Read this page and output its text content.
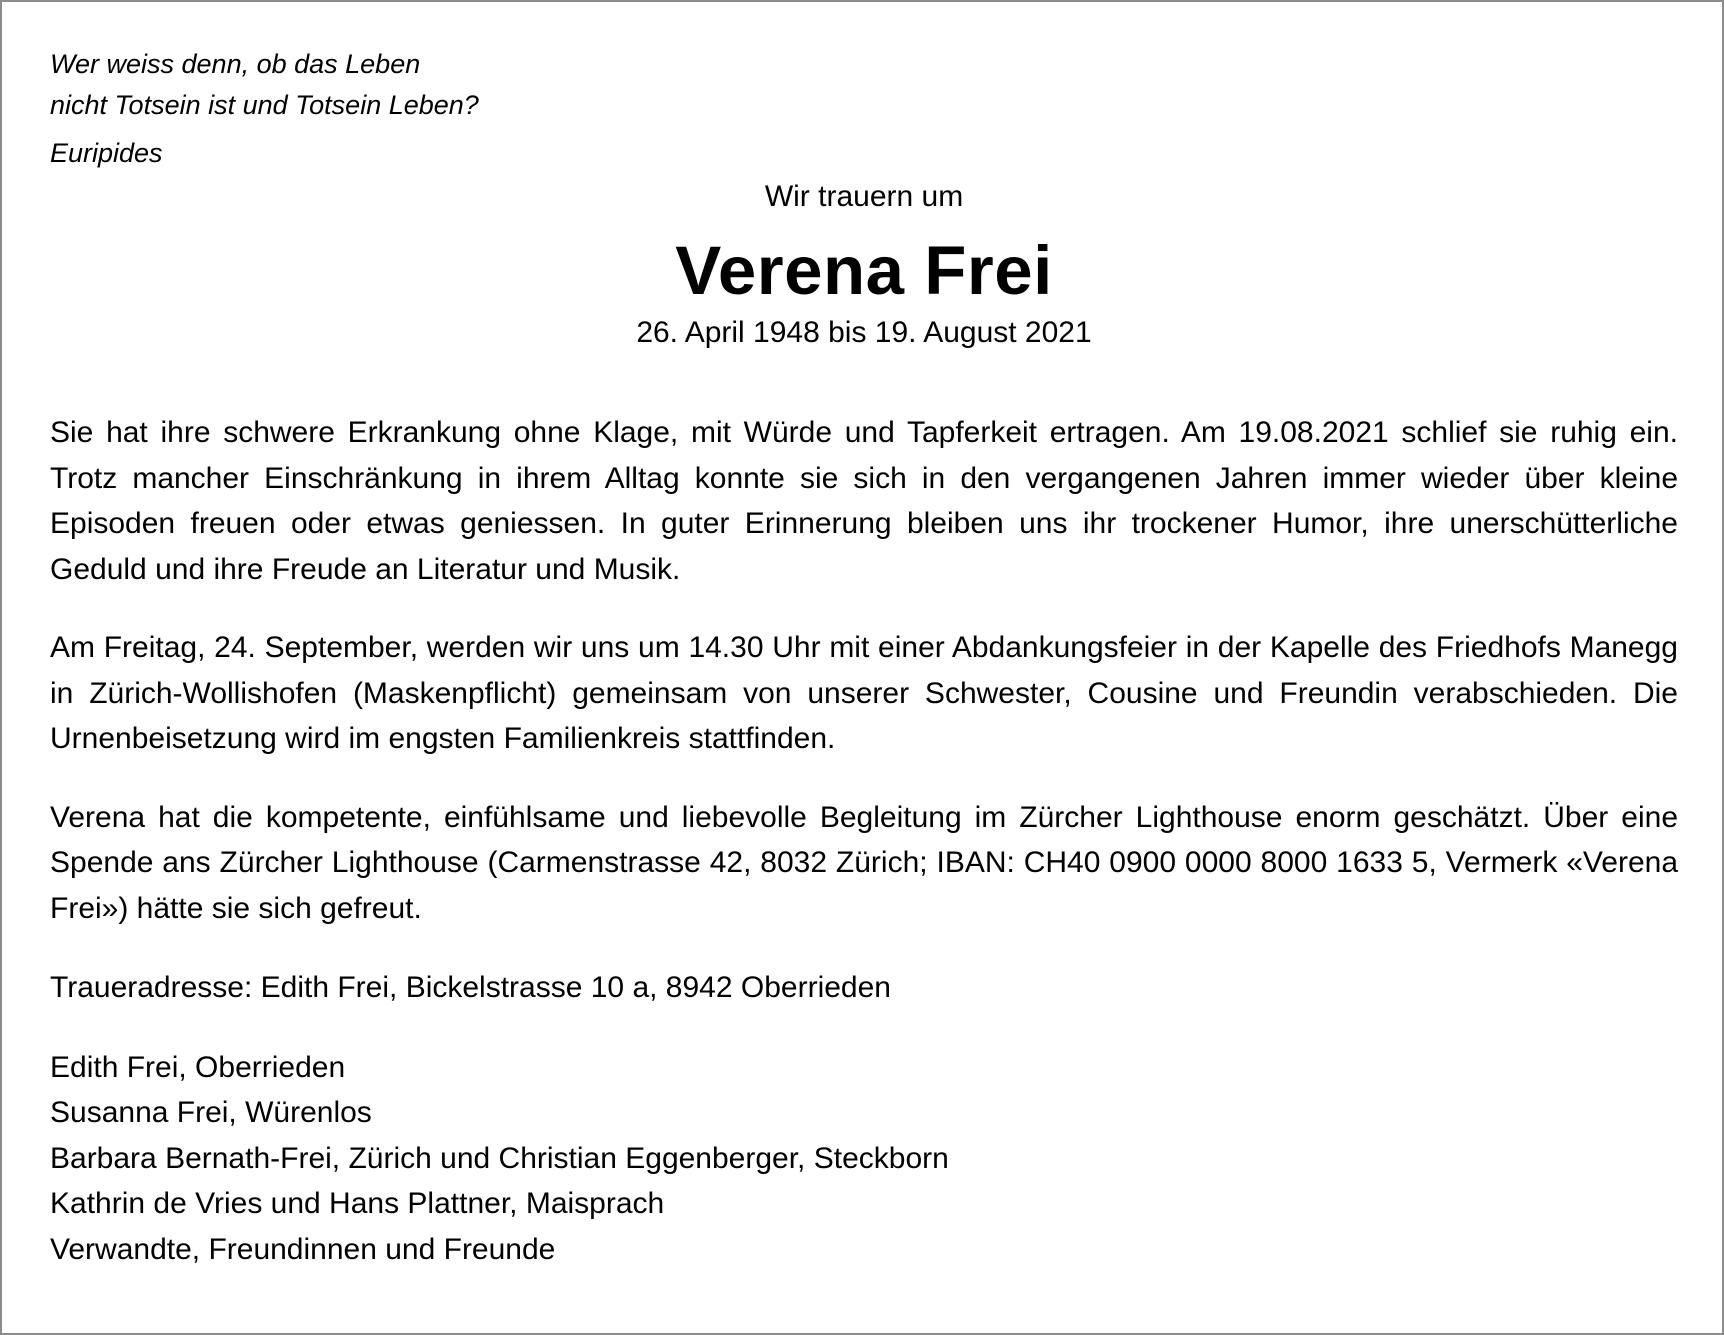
Wer weiss denn, ob das Leben

nicht Totsein ist und Totsein Leben?

Euripides

Wir trauern um

Verena Frei

26. April 1948 bis 19. August 2021

Sie hat ihre schwere Erkrankung ohne Klage, mit Würde und Tapferkeit ertragen. Am 19.08.2021 schlief sie ruhig ein. Trotz mancher Einschränkung in ihrem Alltag konnte sie sich in den vergangenen Jahren immer wieder über kleine Episoden freuen oder etwas geniessen. In guter Erinnerung bleiben uns ihr trockener Humor, ihre unerschütterliche Geduld und ihre Freude an Literatur und Musik.

Am Freitag, 24. September, werden wir uns um 14.30 Uhr mit einer Abdankungsfeier in der Kapelle des Friedhofs Manegg in Zürich-Wollishofen (Maskenpflicht) gemeinsam von unserer Schwester, Cousine und Freundin verabschieden. Die Urnenbeisetzung wird im engsten Familienkreis stattfinden.

Verena hat die kompetente, einfühlsame und liebevolle Begleitung im Zürcher Lighthouse enorm geschätzt. Über eine Spende ans Zürcher Lighthouse (Carmenstrasse 42, 8032 Zürich; IBAN: CH40 0900 0000 8000 1633 5, Vermerk «Verena Frei») hätte sie sich gefreut.

Traueradresse: Edith Frei, Bickelstrasse 10 a, 8942 Oberrieden

Edith Frei, Oberrieden
Susanna Frei, Würenlos
Barbara Bernath-Frei, Zürich und Christian Eggenberger, Steckborn
Kathrin de Vries und Hans Plattner, Maisprach
Verwandte, Freundinnen und Freunde
